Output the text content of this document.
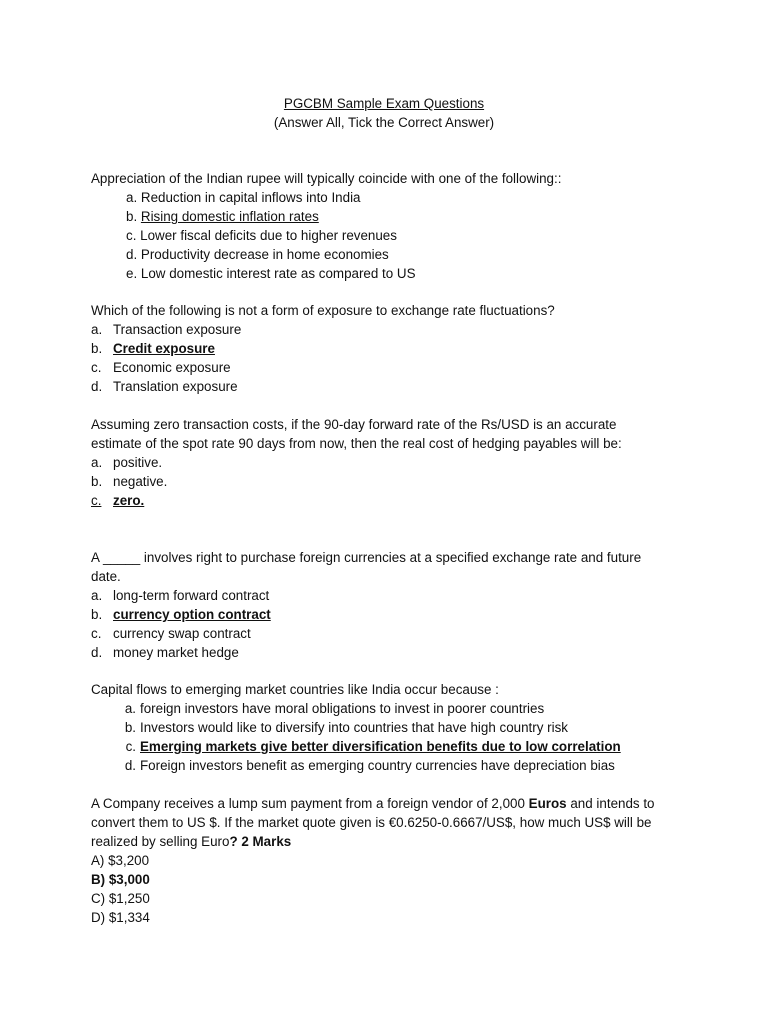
PGCBM Sample Exam Questions
(Answer All, Tick the Correct Answer)
Appreciation of the Indian rupee will typically coincide with one of the following::
a. Reduction in capital inflows into India
b. Rising domestic inflation rates
c. Lower fiscal deficits due to higher revenues
d. Productivity decrease in home economies
e. Low domestic interest rate as compared to US
Which of the following is not a form of exposure to exchange rate fluctuations?
a. Transaction exposure
b. Credit exposure
c. Economic exposure
d. Translation exposure
Assuming zero transaction costs, if the 90-day forward rate of the Rs/USD is an accurate
estimate of the spot rate 90 days from now, then the real cost of hedging payables will be:
a. positive.
b. negative.
c. zero.
A _____ involves right to purchase foreign currencies at a specified exchange rate and future
date.
a. long-term forward contract
b. currency option contract
c. currency swap contract
d. money market hedge
Capital flows to emerging market countries like India occur because :
a. foreign investors have moral obligations to invest in poorer countries
b. Investors would like to diversify into countries that have high country risk
c. Emerging markets give better diversification benefits due to low correlation
d. Foreign investors benefit as emerging country currencies have depreciation bias
A Company receives a lump sum payment from a foreign vendor of 2,000 Euros and intends to
convert them to US $. If the market quote given is €0.6250-0.6667/US$, how much US$ will be
realized by selling Euro? 2 Marks
A) $3,200
B) $3,000
C) $1,250
D) $1,334
